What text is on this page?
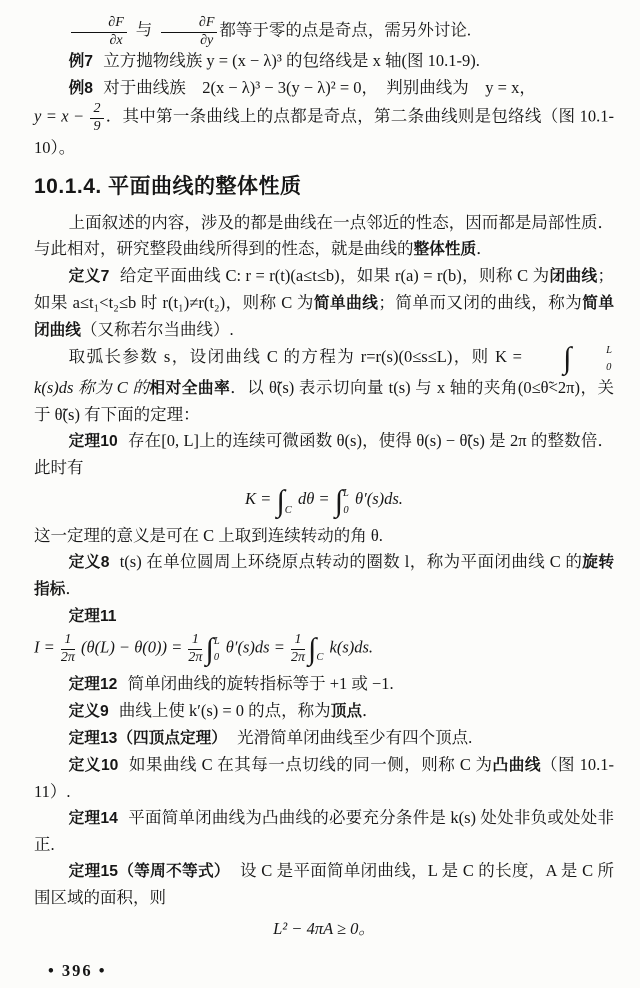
$\frac{\partial F}{\partial x}$ 与 $\frac{\partial F}{\partial y}$ 都等于零的点是奇点，需另外讨论.

例7 立方抛物线族 y = (x − λ)³ 的包络线是 x 轴(图 10.1-9).

例8 对于曲线族　2(x − λ)³ − 3(y − λ)² = 0，　判别曲线为　y = x，

$y = x - \frac{2}{9}$ ．其中第一条曲线上的点都是奇点，第二条曲线则是包络线（图 10.1-10）。

10.1.4. 平面曲线的整体性质

上面叙述的内容，涉及的都是曲线在一点邻近的性态，因而都是局部性质．与此相对，研究整段曲线所得到的性态，就是曲线的整体性质．

定义7 给定平面曲线 C: r = r(t)(a≤t≤b)，如果 r(a) = r(b)，则称 C 为闭曲线；如果 a≤t₁<t₂≤b 时 r(t₁)≠r(t₂)，则称 C 为简单曲线；简单而又闭的曲线，称为简单闭曲线（又称若尔当曲线）.

取弧长参数 s，设闭曲线 C 的方程为 r=r(s)(0≤s≤L)，则 K =	∫	L
0
k(s)ds 称为 C 的相对全曲率．以 θ̃(s) 表示切向量 t(s) 与 x 轴的夹角(0≤θ̃<2π)，关于 θ̃(s) 有下面的定理：

定理10 存在[0, L]上的连续可微函数 θ(s)，使得 θ(s) − θ̃(s) 是 2π 的整数倍．此时有

K = ∫ C
dθ = ∫ L
0
θ′(s)ds.

这一定理的意义是可在 C 上取到连续转动的角 θ.

定义8 t(s) 在单位圆周上环绕原点转动的圈数 l，称为平面闭曲线 C 的旋转指标．

定理11

$I = \frac{1}{2\pi} (\theta(L) - \theta(0)) = \frac{1}{2\pi}$ ∫ L
0
$\theta'(s)ds = \frac{1}{2\pi}$ ∫ C
k(s)ds.

定理12 简单闭曲线的旋转指标等于 +1 或 −1.

定义9 曲线上使 k′(s) = 0 的点，称为顶点．

定理13（四顶点定理） 光滑简单闭曲线至少有四个顶点.

定义10 如果曲线 C 在其每一点切线的同一侧，则称 C 为凸曲线（图 10.1-11）.

定理14 平面简单闭曲线为凸曲线的必要充分条件是 k(s) 处处非负或处处非正.

定理15（等周不等式） 设 C 是平面简单闭曲线，L 是 C 的长度，A 是 C 所围区域的面积，则

L² − 4πA ≥ 0。
• 396 •
